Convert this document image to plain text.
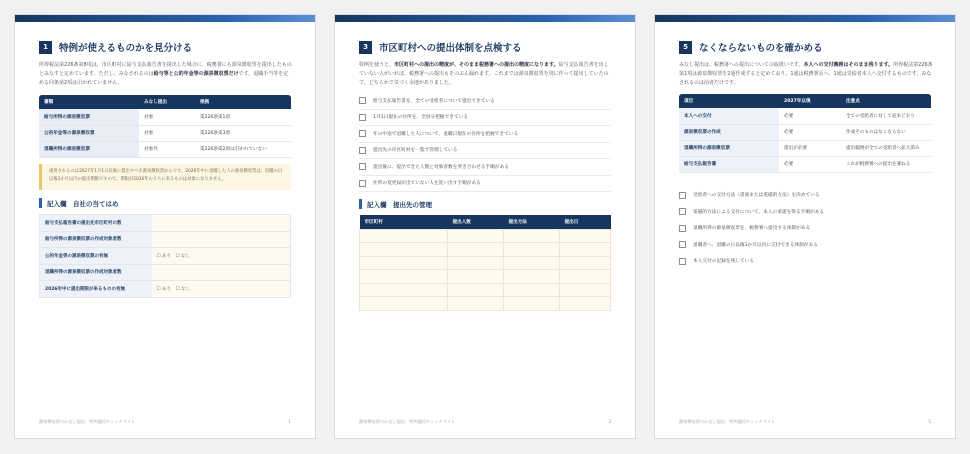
1	特例が使えるものかを見分ける

所得税法第226条第8項は、市区町村に給与支払報告書を提出した場合に、税務署にも源泉徴収票を提出したものとみなすと定めています。ただし、みなされるのは給与等と公的年金等の源泉徴収票だけです。退職手当等を定める同条第2項は引かれていません。

書類	みなし提出	根拠
給与所得の源泉徴収票	対象	第226条第1項
公的年金等の源泉徴収票	対象	第226条第3項
退職所得の源泉徴収票	対象外	第226条第2項は引かれていない
適用されるのは2027年1月1日以後に提出すべき源泉徴収票からです。2026年中に退職した人の源泉徴収票は、退職の日以後1か月以内の提出期限ですので、期限が2026年のうちに来るものは対象になりません。
記入欄　自社の当てはめ
給与支払報告書の提出先市区町村の数	
給与所得の源泉徴収票の作成対象者数	
公的年金等の源泉徴収票の有無	☐ あり　☐ なし
退職所得の源泉徴収票の作成対象者数	
2026年中に提出期限が来るものの有無	☐ あり　☐ なし
源泉徴収票のみなし提出　特例適用チェックリスト	1
3	市区町村への提出体制を点検する

特例を使うと、市区町村への提出の精度が、そのまま税務署への提出の精度になります。給与支払報告書を出していない人がいれば、税務署への提出もそのぶん漏れます。これまでは源泉徴収票を別に作って提出していたので、どちらかで気づく余地がありました。

給与支払報告書を、全ての受給者について提出できている
1月1日現在の住所を、全員分把握できている
年の中途で退職した人について、退職日現在の住所を把握できている
提出先の市区町村を一覧で管理している
提出後に、提出できた人数と対象者数を突き合わせる手順がある
住所の変更届が出ていない人を洗い出す手順がある
記入欄　提出先の管理
市区町村	提出人数	提出方法	提出日

源泉徴収票のみなし提出　特例適用チェックリスト	3
5	なくならないものを確かめる

みなし提出は、税務署への提出についての取扱いです。本人への交付義務はそのまま残ります。所得税法第226条第1項は源泉徴収票を2通作成すると定めており、1通は税務署長へ、1通は受給者本人へ交付するものです。みなされるのは前者だけです。

項目	2027年以後	注意点
本人への交付	必要	全ての受給者に対して従来どおり
源泉徴収票の作成	必要	作成そのものはなくならない
退職所得の源泉徴収票	提出が必要	提出範囲が全ての受給者へ拡大済み
給与支払報告書	必要	これが税務署への提出を兼ねる
受給者への交付方法（書面または電磁的方法）を決めている
電磁的方法による交付について、本人の承諾を得る手順がある
退職所得の源泉徴収票を、税務署へ提出する体制がある
退職者へ、退職の日以後1か月以内に交付できる体制がある
本人交付の記録を残している
源泉徴収票のみなし提出　特例適用チェックリスト	5
